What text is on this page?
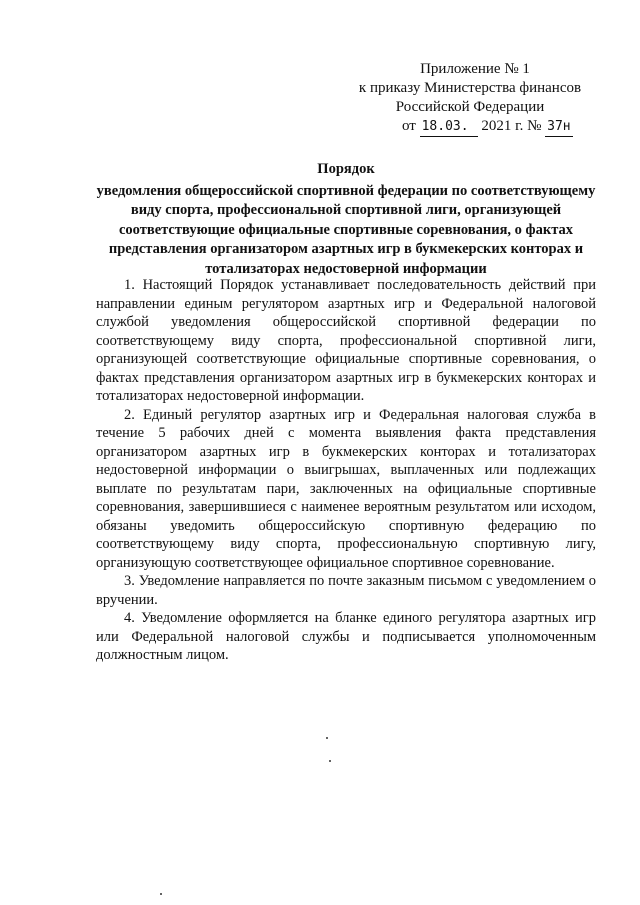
Приложение № 1
к приказу Министерства финансов
Российской Федерации
от 18.03. 2021 г. № 37н
Порядок
уведомления общероссийской спортивной федерации по соответствующему виду спорта, профессиональной спортивной лиги, организующей соответствующие официальные спортивные соревнования, о фактах представления организатором азартных игр в букмекерских конторах и тотализаторах недостоверной информации

1. Настоящий Порядок устанавливает последовательность действий при направлении единым регулятором азартных игр и Федеральной налоговой службой уведомления общероссийской спортивной федерации по соответствующему виду спорта, профессиональной спортивной лиги, организующей соответствующие официальные спортивные соревнования, о фактах представления организатором азартных игр в букмекерских конторах и тотализаторах недостоверной информации.

2. Единый регулятор азартных игр и Федеральная налоговая служба в течение 5 рабочих дней с момента выявления факта представления организатором азартных игр в букмекерских конторах и тотализаторах недостоверной информации о выигрышах, выплаченных или подлежащих выплате по результатам пари, заключенных на официальные спортивные соревнования, завершившиеся с наименее вероятным результатом или исходом, обязаны уведомить общероссийскую спортивную федерацию по соответствующему виду спорта, профессиональную спортивную лигу, организующую соответствующее официальное спортивное соревнование.

3. Уведомление направляется по почте заказным письмом с уведомлением о вручении.

4. Уведомление оформляется на бланке единого регулятора азартных игр или Федеральной налоговой службы и подписывается уполномоченным должностным лицом.
